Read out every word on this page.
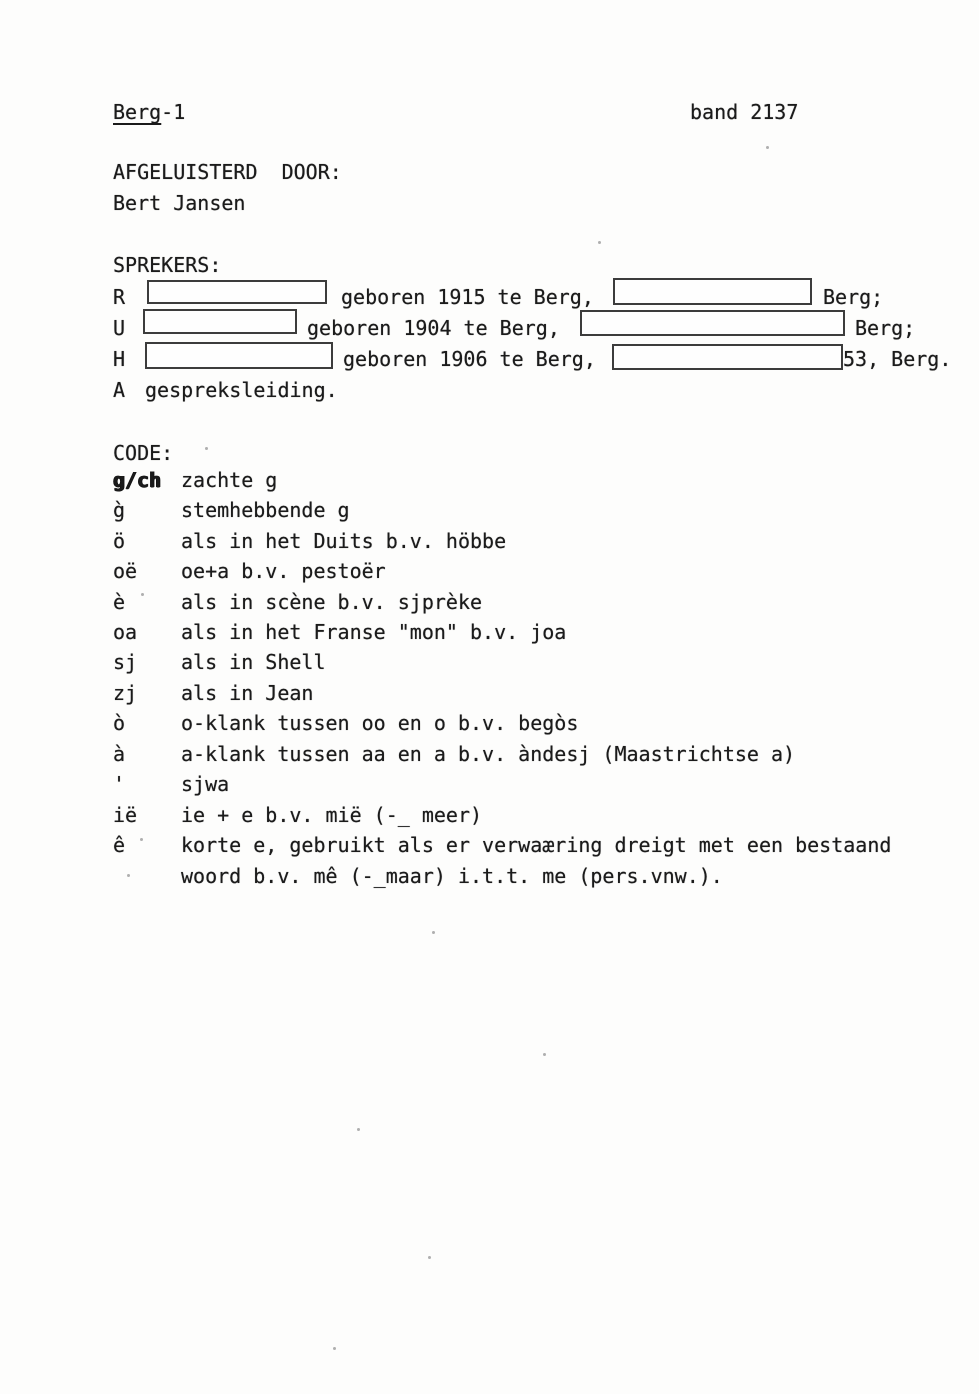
Berg-1	band 2137
AFGELUISTERD  DOOR:
Bert Jansen
SPREKERS:
R	geboren 1915 te Berg,	Berg;
U	geboren 1904 te Berg,	Berg;
H	geboren 1906 te Berg,	53, Berg.
A gespreksleiding.
CODE:
g/ch zachte g
g̀	stemhebbende g
ö	als in het Duits b.v. höbbe
oë oe+a b.v. pestoër
è	als in scène b.v. sjprèke
oa als in het Franse "mon" b.v. joa
sj als in Shell
zj als in Jean
ò	o-klank tussen oo en o b.v. begòs
à	a-klank tussen aa en a b.v. àndesj (Maastrichtse a)
'	sjwa
ië ie + e b.v. mië (-̲ meer)
ê	korte e, gebruikt als er verwaæring dreigt met een bestaand
woord b.v. mê (-̲maar) i.t.t. me (pers.vnw.).
